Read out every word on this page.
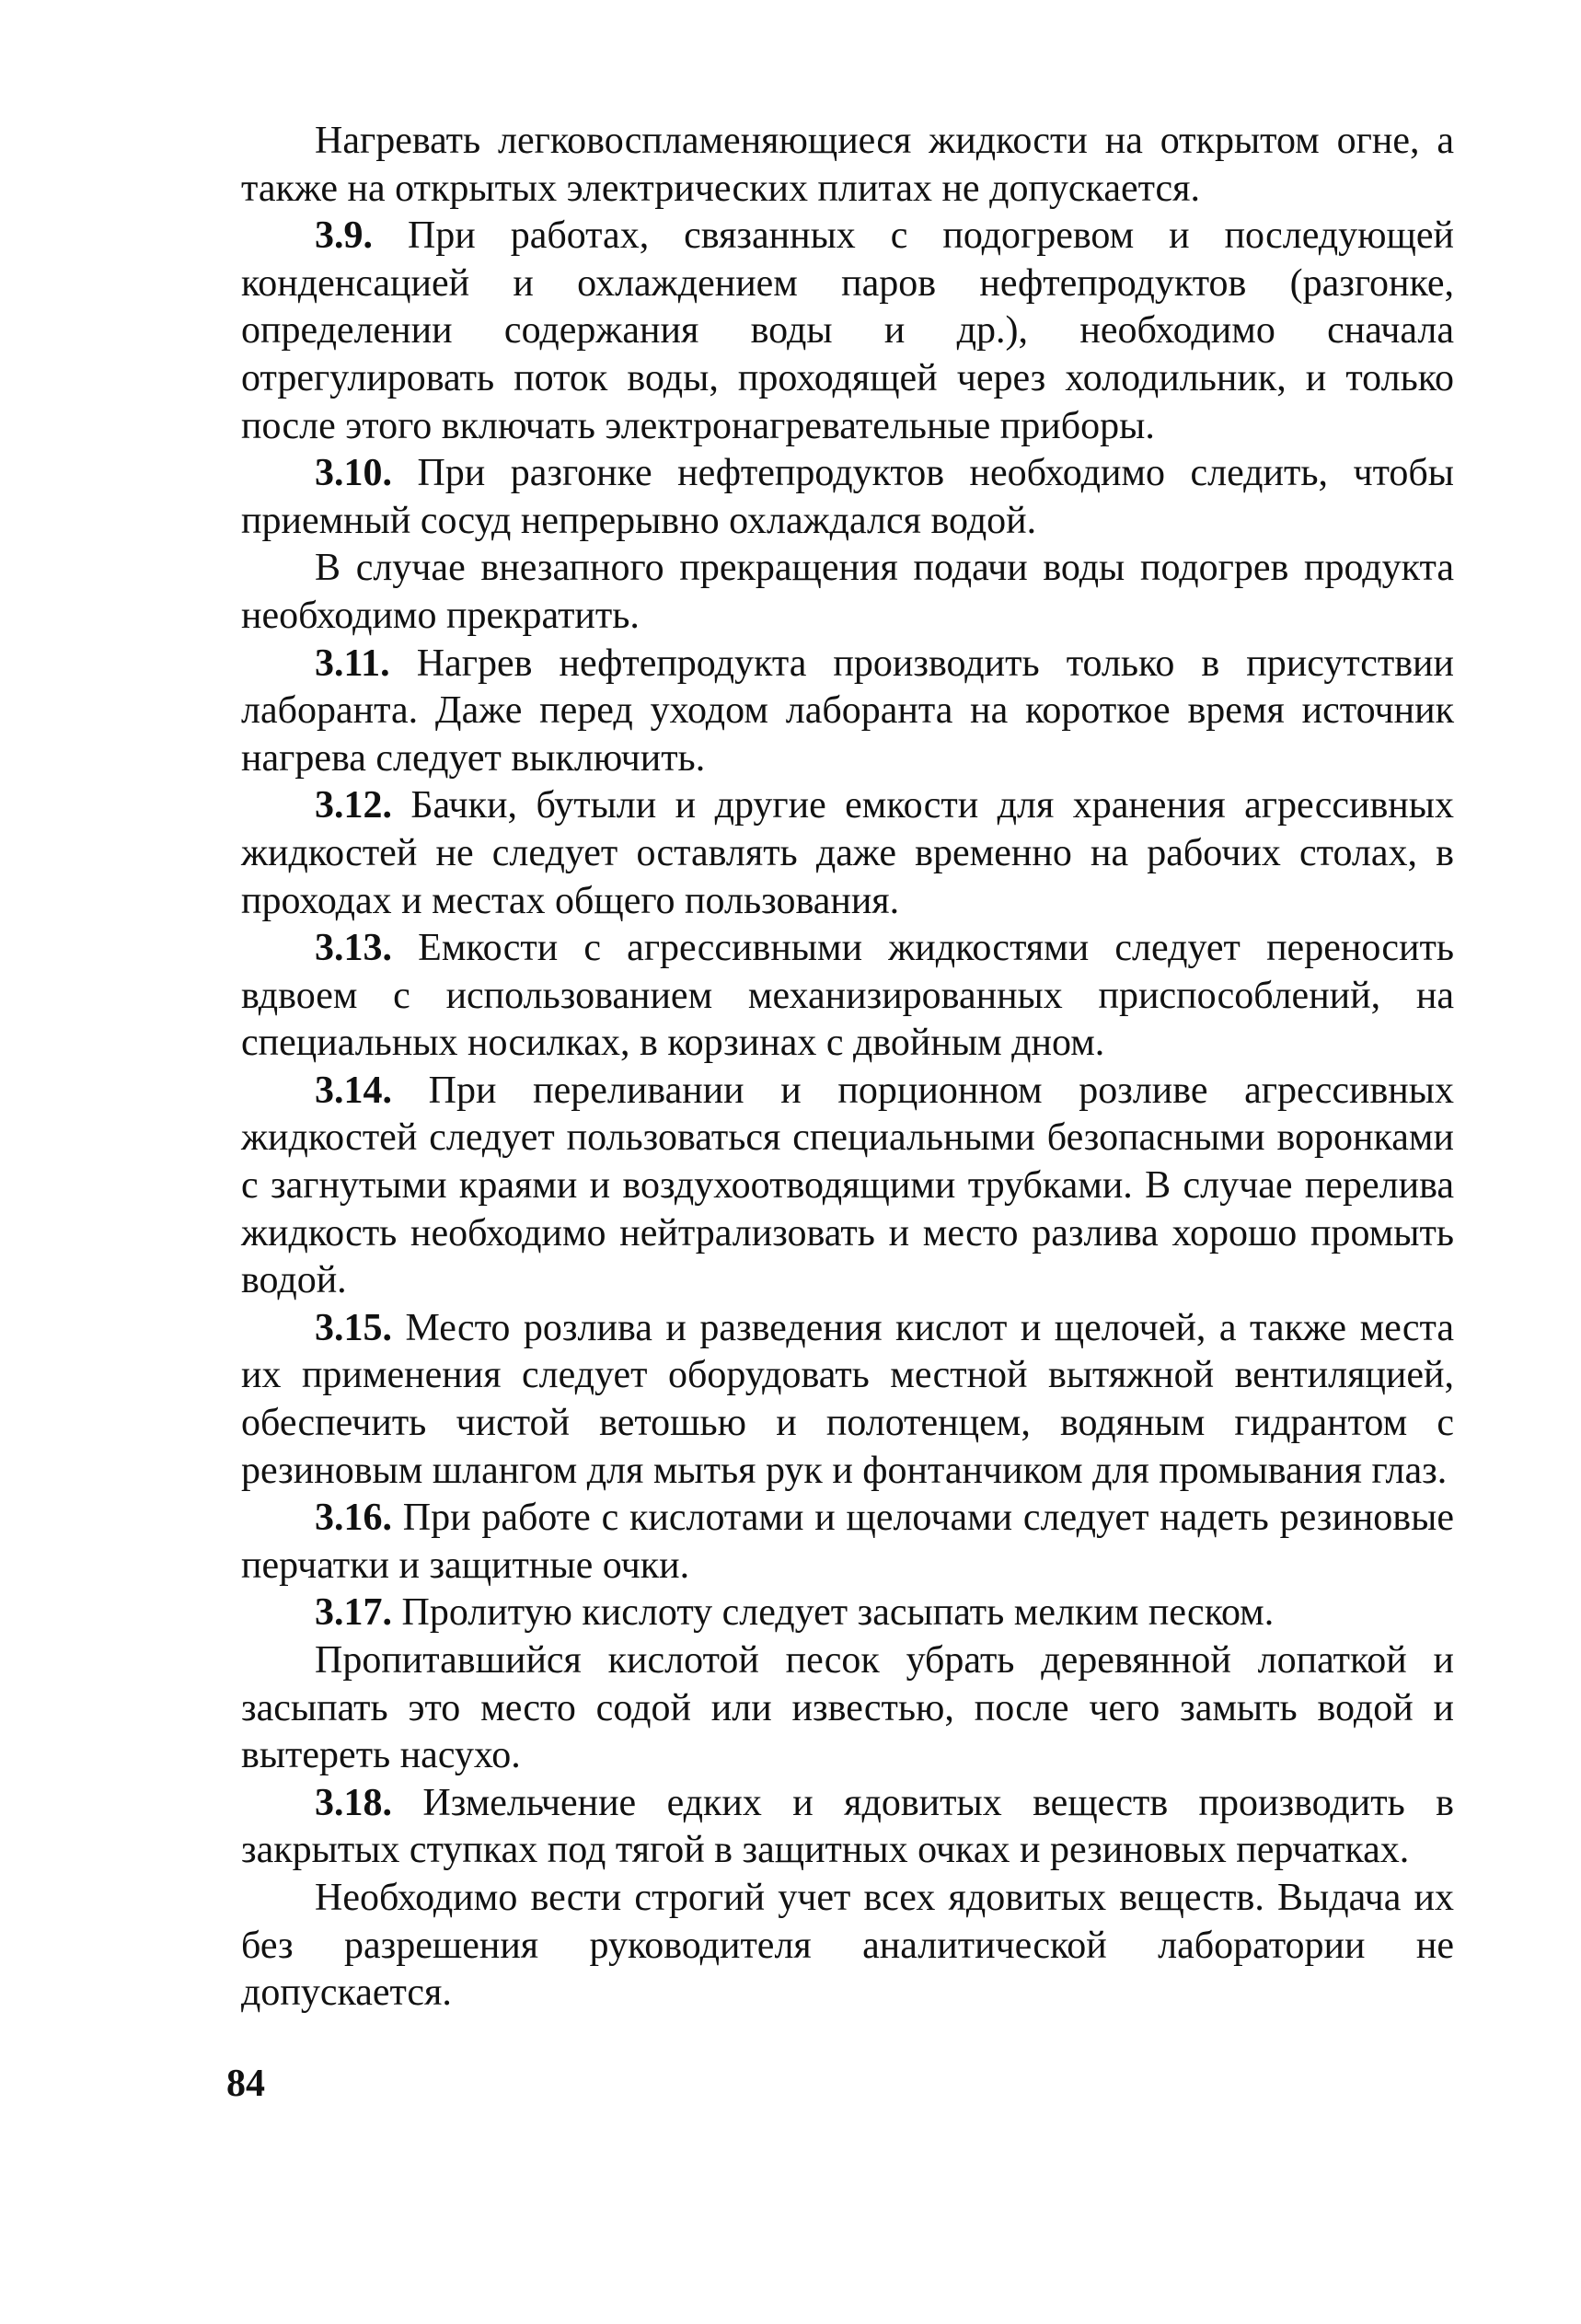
Нагревать легковоспламеняющиеся жидкости на открытом огне, а также на открытых электрических плитах не допускается.

3.9. При работах, связанных с подогревом и последующей конденсацией и охлаждением паров нефтепродуктов (разгонке, определении содержания воды и др.), необходимо сначала отрегулировать поток воды, проходящей через холодильник, и только после этого включать электронагревательные приборы.

3.10. При разгонке нефтепродуктов необходимо следить, чтобы приемный сосуд непрерывно охлаждался водой.

В случае внезапного прекращения подачи воды подогрев продукта необходимо прекратить.

3.11. Нагрев нефтепродукта производить только в присутствии лаборанта. Даже перед уходом лаборанта на короткое время источник нагрева следует выключить.

3.12. Бачки, бутыли и другие емкости для хранения агрессивных жидкостей не следует оставлять даже временно на рабочих столах, в проходах и местах общего пользования.

3.13. Емкости с агрессивными жидкостями следует переносить вдвоем с использованием механизированных приспособлений, на специальных носилках, в корзинах с двойным дном.

3.14. При переливании и порционном розливе агрессивных жидкостей следует пользоваться специальными безопасными воронками с загнутыми краями и воздухоотводящими трубками. В случае перелива жидкость необходимо нейтрализовать и место разлива хорошо промыть водой.

3.15. Место розлива и разведения кислот и щелочей, а также места их применения следует оборудовать местной вытяжной вентиляцией, обеспечить чистой ветошью и полотенцем, водяным гидрантом с резиновым шлангом для мытья рук и фонтанчиком для промывания глаз.

3.16. При работе с кислотами и щелочами следует надеть резиновые перчатки и защитные очки.

3.17. Пролитую кислоту следует засыпать мелким песком.

Пропитавшийся кислотой песок убрать деревянной лопаткой и засыпать это место содой или известью, после чего замыть водой и вытереть насухо.

3.18. Измельчение едких и ядовитых веществ производить в закрытых ступках под тягой в защитных очках и резиновых перчатках.

Необходимо вести строгий учет всех ядовитых веществ. Выдача их без разрешения руководителя аналитической лаборатории не допускается.

84
